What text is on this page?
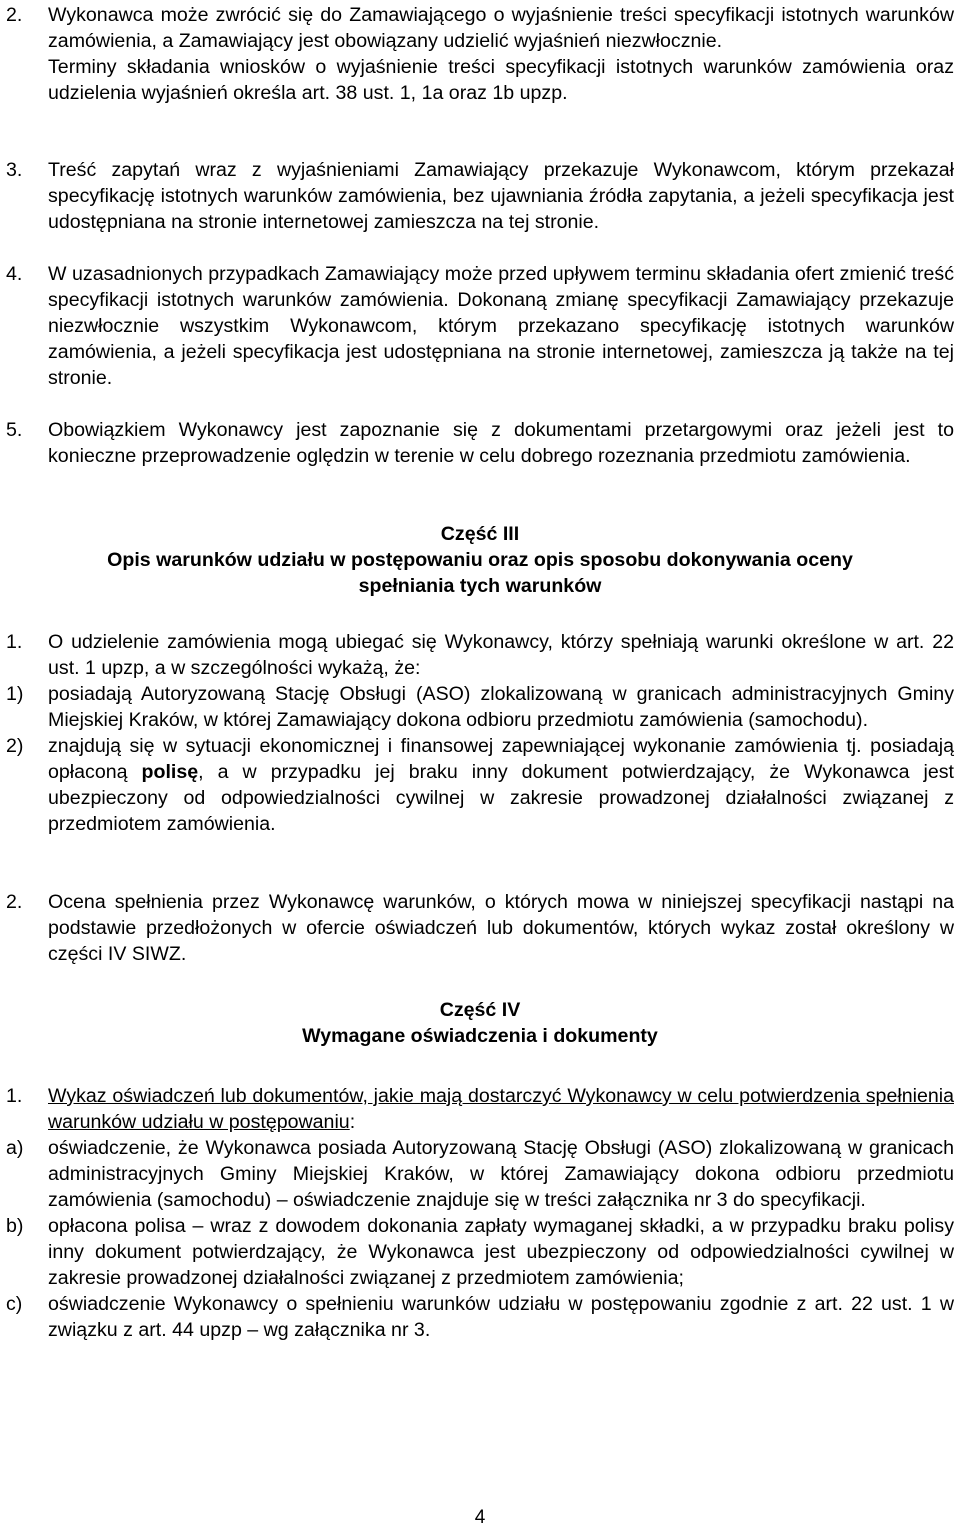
2. Wykonawca może zwrócić się do Zamawiającego o wyjaśnienie treści specyfikacji istotnych warunków zamówienia, a Zamawiający jest obowiązany udzielić wyjaśnień niezwłocznie.
Terminy składania wniosków o wyjaśnienie treści specyfikacji istotnych warunków zamówienia oraz udzielenia wyjaśnień określa art. 38 ust. 1, 1a oraz 1b upzp.
3. Treść zapytań wraz z wyjaśnieniami Zamawiający przekazuje Wykonawcom, którym przekazał specyfikację istotnych warunków zamówienia, bez ujawniania źródła zapytania, a jeżeli specyfikacja jest udostępniana na stronie internetowej zamieszcza na tej stronie.
4. W uzasadnionych przypadkach Zamawiający może przed upływem terminu składania ofert zmienić treść specyfikacji istotnych warunków zamówienia. Dokonaną zmianę specyfikacji Zamawiający przekazuje niezwłocznie wszystkim Wykonawcom, którym przekazano specyfikację istotnych warunków zamówienia, a jeżeli specyfikacja jest udostępniana na stronie internetowej, zamieszcza ją także na tej stronie.
5. Obowiązkiem Wykonawcy jest zapoznanie się z dokumentami przetargowymi oraz jeżeli jest to konieczne przeprowadzenie oględzin w terenie w celu dobrego rozeznania przedmiotu zamówienia.
Część III
Opis warunków udziału w postępowaniu oraz opis sposobu dokonywania oceny
spełniania tych warunków
1. O udzielenie zamówienia mogą ubiegać się Wykonawcy, którzy spełniają warunki określone w art. 22 ust. 1 upzp, a w szczególności wykażą, że:
1) posiadają Autoryzowaną Stację Obsługi (ASO) zlokalizowaną w granicach administracyjnych Gminy Miejskiej Kraków, w której Zamawiający dokona odbioru przedmiotu zamówienia (samochodu).
2) znajdują się w sytuacji ekonomicznej i finansowej zapewniającej wykonanie zamówienia tj. posiadają opłaconą polisę, a w przypadku jej braku inny dokument potwierdzający, że Wykonawca jest ubezpieczony od odpowiedzialności cywilnej w zakresie prowadzonej działalności związanej z przedmiotem zamówienia.
2. Ocena spełnienia przez Wykonawcę warunków, o których mowa w niniejszej specyfikacji nastąpi na podstawie przedłożonych w ofercie oświadczeń lub dokumentów, których wykaz został określony w części IV SIWZ.
Część IV
Wymagane oświadczenia i dokumenty
1. Wykaz oświadczeń lub dokumentów, jakie mają dostarczyć Wykonawcy w celu potwierdzenia spełnienia warunków udziału w postępowaniu:
a) oświadczenie, że Wykonawca posiada Autoryzowaną Stację Obsługi (ASO) zlokalizowaną w granicach administracyjnych Gminy Miejskiej Kraków, w której Zamawiający dokona odbioru przedmiotu zamówienia (samochodu) – oświadczenie znajduje się w treści załącznika nr 3 do specyfikacji.
b) opłacona polisa – wraz z dowodem dokonania zapłaty wymaganej składki, a w przypadku braku polisy inny dokument potwierdzający, że Wykonawca jest ubezpieczony od odpowiedzialności cywilnej w zakresie prowadzonej działalności związanej z przedmiotem zamówienia;
c) oświadczenie Wykonawcy o spełnieniu warunków udziału w postępowaniu zgodnie z art. 22 ust. 1 w związku z art. 44 upzp – wg załącznika nr 3.
4
